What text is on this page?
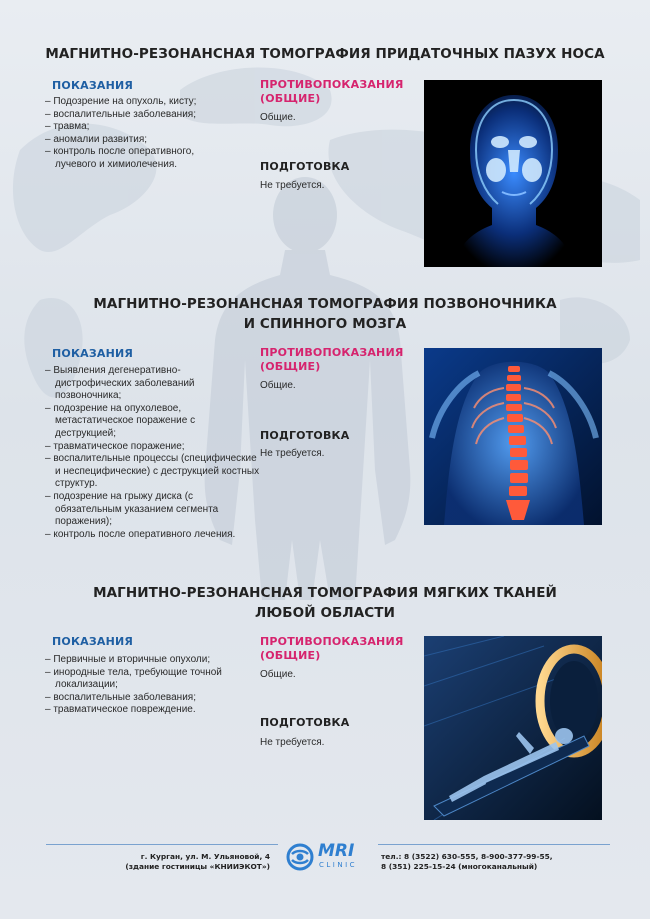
МАГНИТНО-РЕЗОНАНСНАЯ ТОМОГРАФИЯ ПРИДАТОЧНЫХ ПАЗУХ НОСА
ПОКАЗАНИЯ
– Подозрение на опухоль, кисту;
– воспалительные заболевания;
– травма;
– аномалии развития;
– контроль после оперативного, лучевого и химиолечения.
ПРОТИВОПОКАЗАНИЯ
(ОБЩИЕ)
Общие.
ПОДГОТОВКА
Не требуется.
МАГНИТНО-РЕЗОНАНСНАЯ ТОМОГРАФИЯ ПОЗВОНОЧНИКА
И СПИННОГО МОЗГА
ПОКАЗАНИЯ
– Выявления дегенеративно-дистрофических заболеваний позвоночника;
– подозрение на опухолевое, метастатическое поражение с деструкцией;
– травматическое поражение;
– воспалительные процессы (специфические и неспецифические) с деструкцией костных структур.
– подозрение на грыжу диска (с обязательным указанием сегмента поражения);
– контроль после оперативного лечения.
ПРОТИВОПОКАЗАНИЯ
(ОБЩИЕ)
Общие.
ПОДГОТОВКА
Не требуется.
МАГНИТНО-РЕЗОНАНСНАЯ ТОМОГРАФИЯ МЯГКИХ ТКАНЕЙ
ЛЮБОЙ ОБЛАСТИ
ПОКАЗАНИЯ
– Первичные и вторичные опухоли;
– инородные тела, требующие точной локализации;
– воспалительные заболевания;
– травматическое повреждение.
ПРОТИВОПОКАЗАНИЯ
(ОБЩИЕ)
Общие.
ПОДГОТОВКА
Не требуется.
г. Курган, ул. М. Ульяновой, 4
(здание гостиницы «КНИИЭКОТ»)
MRI
CLINIC
тел.: 8 (3522) 630-555, 8-900-377-99-55,
8 (351) 225-15-24 (многоканальный)
